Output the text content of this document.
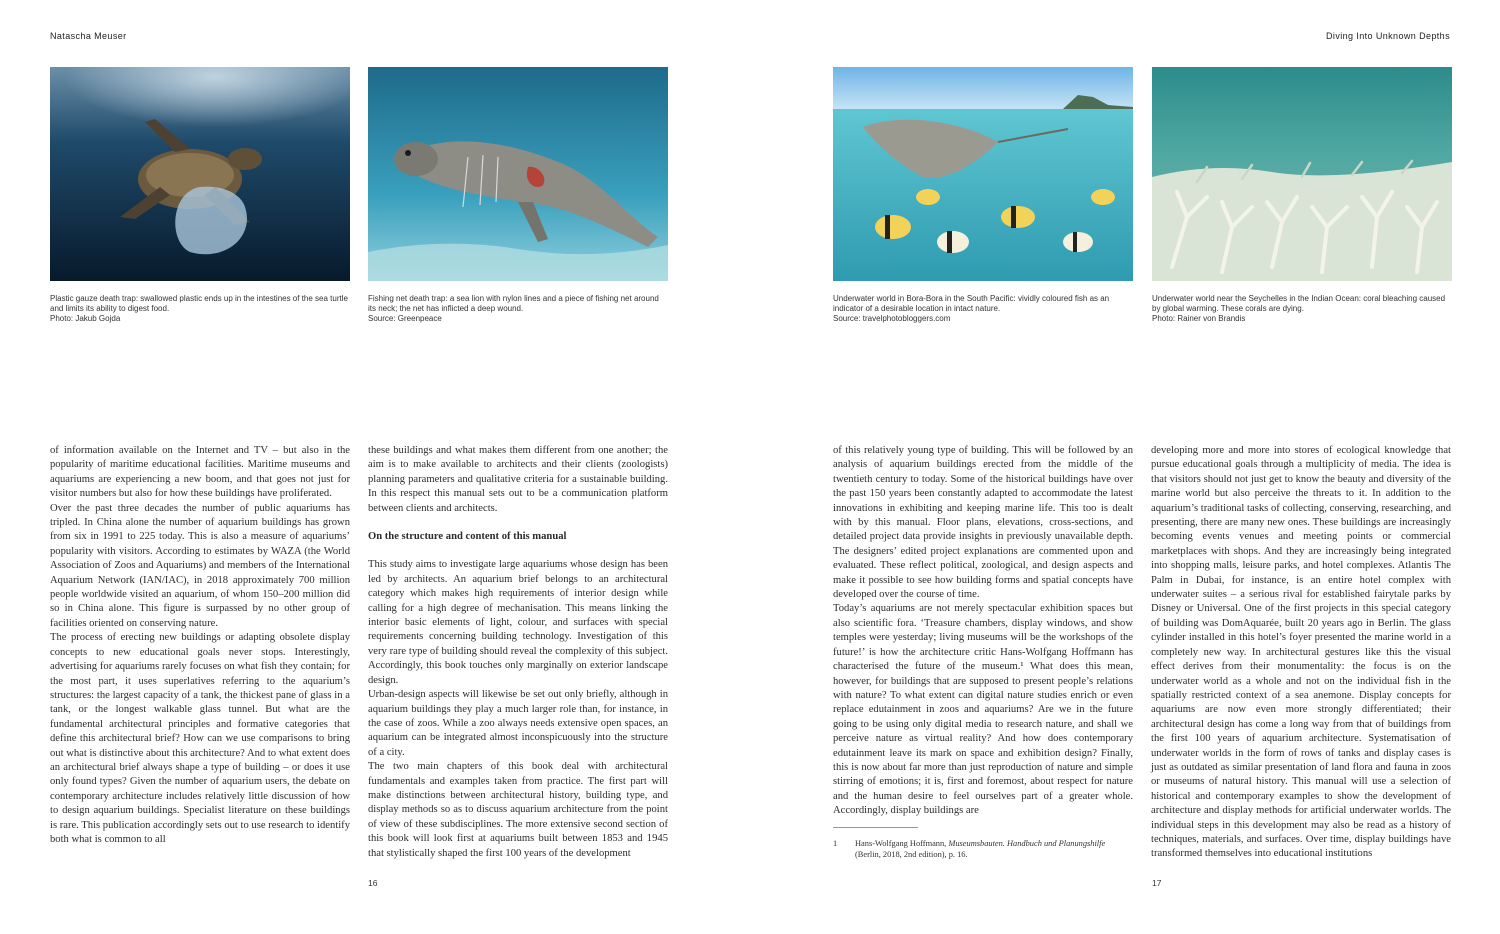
Natascha Meuser	Diving Into Unknown Depths

Plastic gauze death trap: swallowed plastic ends up in the intestines of the sea turtle and limits its ability to digest food.

Photo: Jakub Gojda

Fishing net death trap: a sea lion with nylon lines and a piece of fishing net around its neck; the net has inflicted a deep wound.

Source: Greenpeace

Underwater world in Bora-Bora in the South Pacific: vividly coloured fish as an indicator of a desirable location in intact nature.

Source: travelphotobloggers.com

Underwater world near the Seychelles in the Indian Ocean: coral bleaching caused by global warming. These corals are dying.

Photo: Rainer von Brandis

of information available on the Internet and TV – but also in the popularity of maritime educational facilities. Maritime museums and aquariums are experiencing a new boom, and that goes not just for visitor numbers but also for how these buildings have proliferated.

Over the past three decades the number of public aquariums has tripled. In China alone the number of aquarium buildings has grown from six in 1991 to 225 today. This is also a measure of aquariums’ popularity with visitors. According to estimates by WAZA (the World Association of Zoos and Aquariums) and members of the International Aquarium Network (IAN/IAC), in 2018 approximately 700 million people worldwide visited an aquarium, of whom 150–200 million did so in China alone. This figure is surpassed by no other group of facilities oriented on conserving nature.

The process of erecting new buildings or adapting obsolete display concepts to new educational goals never stops. Interestingly, advertising for aquariums rarely focuses on what fish they contain; for the most part, it uses superlatives referring to the aquarium’s structures: the largest capacity of a tank, the thickest pane of glass in a tank, or the longest walkable glass tunnel. But what are the fundamental architectural principles and formative categories that define this architectural brief? How can we use comparisons to bring out what is distinctive about this architecture? And to what extent does an architectural brief always shape a type of building – or does it use only found types? Given the number of aquarium users, the debate on contemporary architecture includes relatively little discussion of how to design aquarium buildings. Specialist literature on these buildings is rare. This publication accordingly sets out to use research to identify both what is common to all

these buildings and what makes them different from one another; the aim is to make available to architects and their clients (zoologists) planning parameters and qualitative criteria for a sustainable building. In this respect this manual sets out to be a communication platform between clients and architects.

On the structure and content of this manual

This study aims to investigate large aquariums whose design has been led by architects. An aquarium brief belongs to an architectural category which makes high requirements of interior design while calling for a high degree of mechanisation. This means linking the interior basic elements of light, colour, and surfaces with special requirements concerning building technology. Investigation of this very rare type of building should reveal the complexity of this subject. Accordingly, this book touches only marginally on exterior landscape design.

Urban-design aspects will likewise be set out only briefly, although in aquarium buildings they play a much larger role than, for instance, in the case of zoos. While a zoo always needs extensive open spaces, an aquarium can be integrated almost inconspicuously into the structure of a city.

The two main chapters of this book deal with architectural fundamentals and examples taken from practice. The first part will make distinctions between architectural history, building type, and display methods so as to discuss aquarium architecture from the point of view of these subdisciplines. The more extensive second section of this book will look first at aquariums built between 1853 and 1945 that stylistically shaped the first 100 years of the development

of this relatively young type of building. This will be followed by an analysis of aquarium buildings erected from the middle of the twentieth century to today. Some of the historical buildings have over the past 150 years been constantly adapted to accommodate the latest innovations in exhibiting and keeping marine life. This too is dealt with by this manual. Floor plans, elevations, cross-sections, and detailed project data provide insights in previously unavailable depth. The designers’ edited project explanations are commented upon and evaluated. These reflect political, zoological, and design aspects and make it possible to see how building forms and spatial concepts have developed over the course of time.

Today’s aquariums are not merely spectacular exhibition spaces but also scientific fora. ‘Treasure chambers, display windows, and show temples were yesterday; living museums will be the workshops of the future!’ is how the architecture critic Hans-Wolfgang Hoffmann has characterised the future of the museum.¹ What does this mean, however, for buildings that are supposed to present people’s relations with nature? To what extent can digital nature studies enrich or even replace edutainment in zoos and aquariums? Are we in the future going to be using only digital media to research nature, and shall we perceive nature as virtual reality? And how does contemporary edutainment leave its mark on space and exhibition design? Finally, this is now about far more than just reproduction of nature and simple stirring of emotions; it is, first and foremost, about respect for nature and the human desire to feel ourselves part of a greater whole. Accordingly, display buildings are

developing more and more into stores of ecological knowledge that pursue educational goals through a multiplicity of media. The idea is that visitors should not just get to know the beauty and diversity of the marine world but also perceive the threats to it. In addition to the aquarium’s traditional tasks of collecting, conserving, researching, and presenting, there are many new ones. These buildings are increasingly becoming events venues and meeting points or commercial marketplaces with shops. And they are increasingly being integrated into shopping malls, leisure parks, and hotel complexes. Atlantis The Palm in Dubai, for instance, is an entire hotel complex with underwater suites – a serious rival for established fairytale parks by Disney or Universal. One of the first projects in this special category of building was DomAquarée, built 20 years ago in Berlin. The glass cylinder installed in this hotel’s foyer presented the marine world in a completely new way. In architectural gestures like this the visual effect derives from their monumentality: the focus is on the underwater world as a whole and not on the individual fish in the spatially restricted context of a sea anemone. Display concepts for aquariums are now even more strongly differentiated; their architectural design has come a long way from that of buildings from the first 100 years of aquarium architecture. Systematisation of underwater worlds in the form of rows of tanks and display cases is just as outdated as similar presentation of land flora and fauna in zoos or museums of natural history. This manual will use a selection of historical and contemporary examples to show the development of architecture and display methods for artificial underwater worlds. The individual steps in this development may also be read as a history of techniques, materials, and surfaces. Over time, display buildings have transformed themselves into educational institutions

1	Hans-Wolfgang Hoffmann, Museumsbauten. Handbuch und Planungshilfe (Berlin, 2018, 2nd edition), p. 16.
16	17
